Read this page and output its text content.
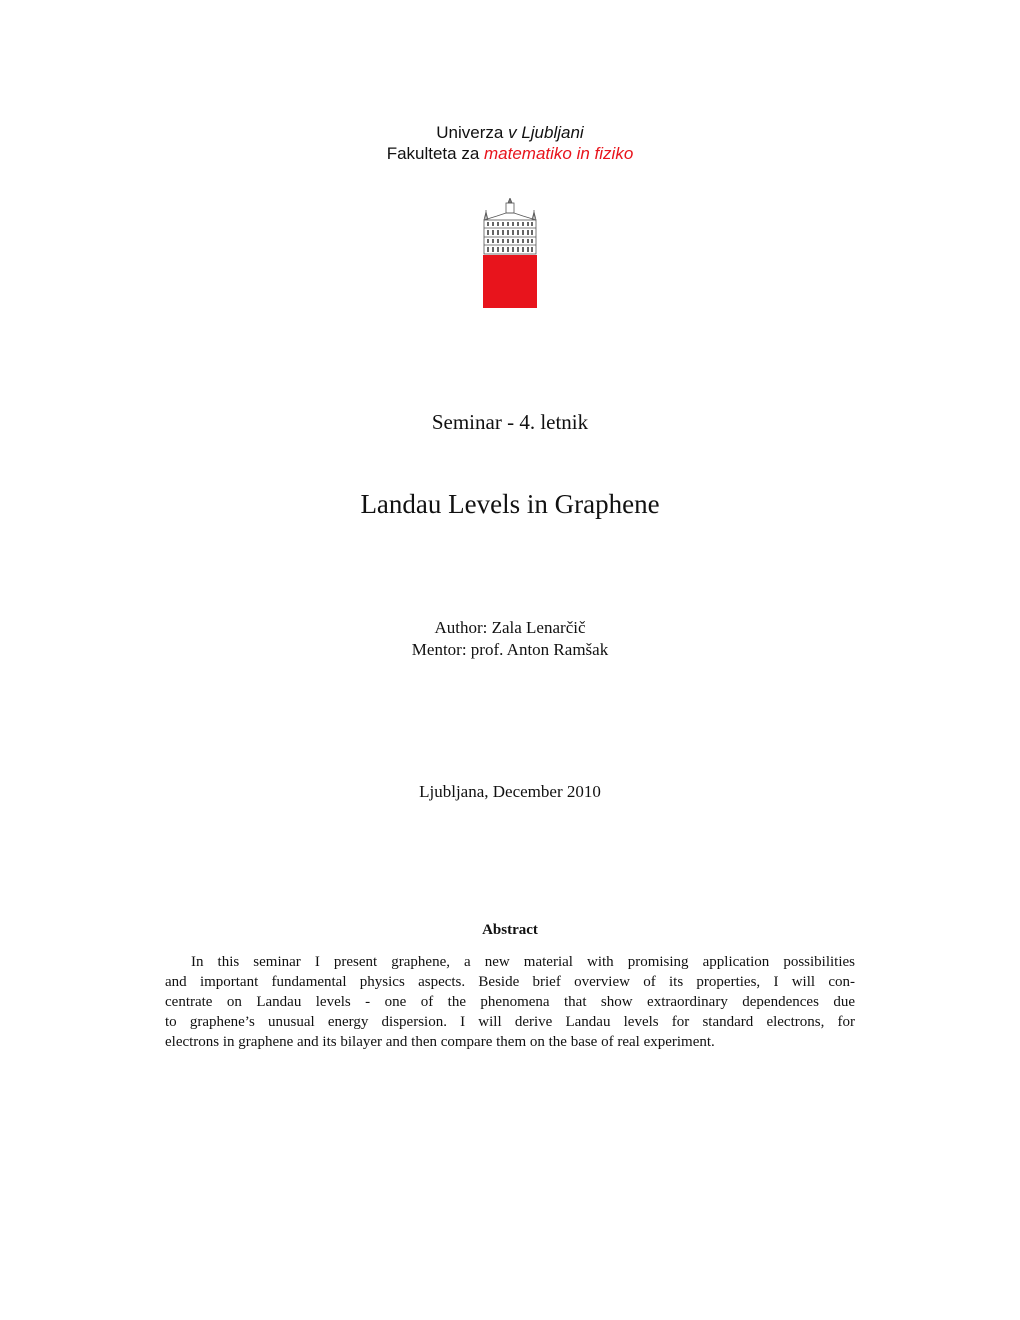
Univerza v Ljubljani
Fakulteta za matematiko in fiziko
Seminar - 4. letnik
Landau Levels in Graphene
Author: Zala Lenarčič
Mentor: prof. Anton Ramšak
Ljubljana, December 2010
Abstract
In this seminar I present graphene, a new material with promising application possibilities
and important fundamental physics aspects. Beside brief overview of its properties, I will con-
centrate on Landau levels - one of the phenomena that show extraordinary dependences due
to graphene’s unusual energy dispersion. I will derive Landau levels for standard electrons, for
electrons in graphene and its bilayer and then compare them on the base of real experiment.
